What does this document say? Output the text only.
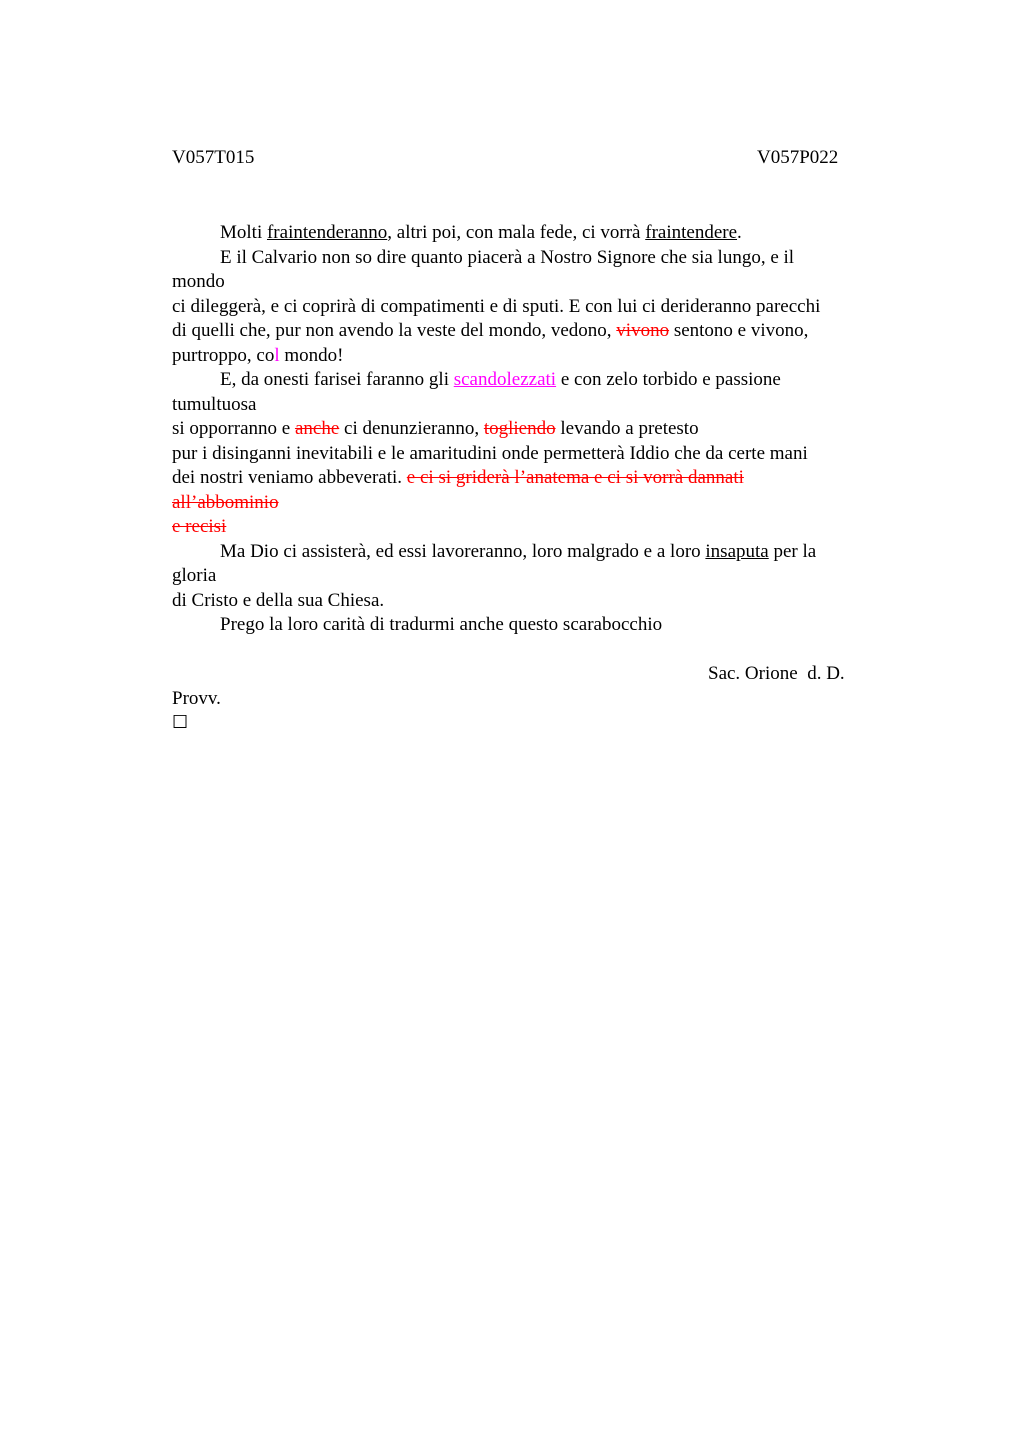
V057T015	V057P022
Molti fraintenderanno, altri poi, con mala fede, ci vorrà fraintendere.
E il Calvario non so dire quanto piacerà a Nostro Signore che sia lungo, e il
mondo
ci dileggerà, e ci coprirà di compatimenti e di sputi. E con lui ci derideranno parecchi
di quelli che, pur non avendo la veste del mondo, vedono, vivono sentono e vivono,
purtroppo, col mondo!
E, da onesti farisei faranno gli scandolezzati e con zelo torbido e passione
tumultuosa
si opporranno e anche ci denunzieranno, togliendo levando a pretesto
pur i disinganni inevitabili e le amaritudini onde permetterà Iddio che da certe mani
dei nostri veniamo abbeverati. e ci si griderà l’anatema e ci si vorrà dannati
all’abbominio
e recisi
Ma Dio ci assisterà, ed essi lavoreranno, loro malgrado e a loro insaputa per la
gloria
di Cristo e della sua Chiesa.
Prego la loro carità di tradurmi anche questo scarabocchio
Sac. Orione  d. D.
Provv.
☐
